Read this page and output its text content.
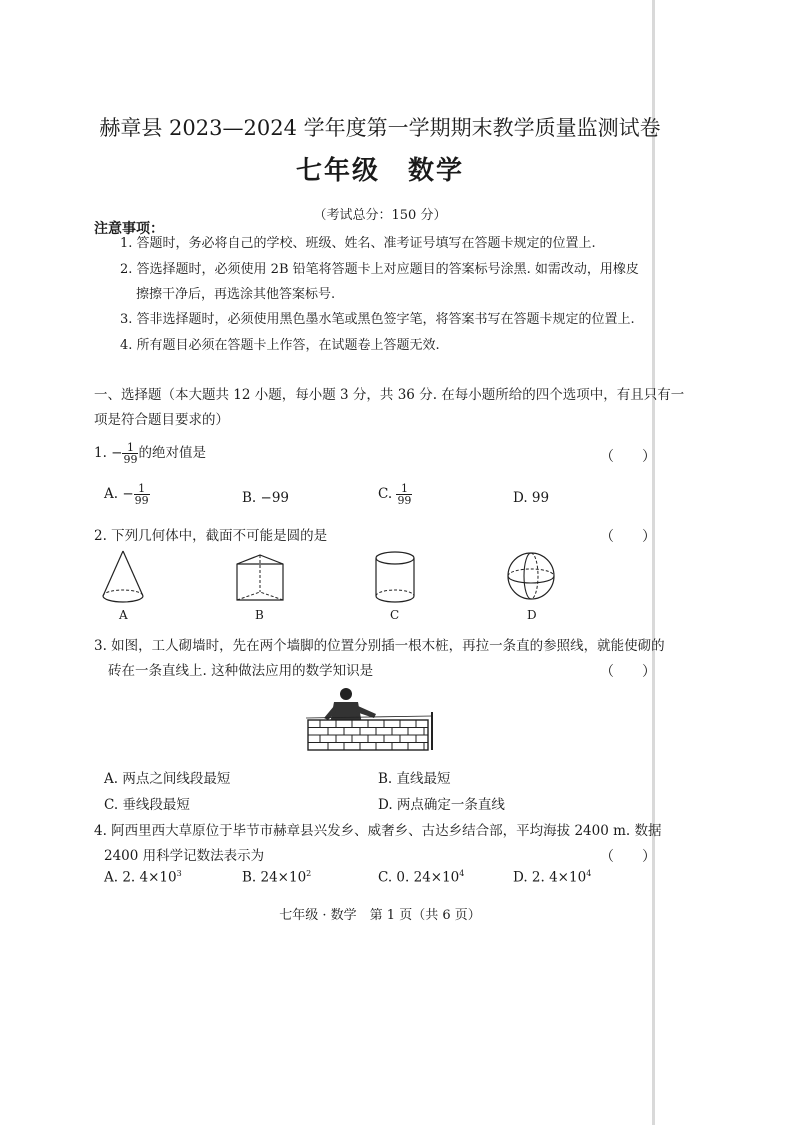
赫章县 2023—2024 学年度第一学期期末教学质量监测试卷
七年级　数学
（考试总分：150 分）
注意事项：
1. 答题时，务必将自己的学校、班级、姓名、准考证号填写在答题卡规定的位置上.
2. 答选择题时，必须使用 2B 铅笔将答题卡上对应题目的答案标号涂黑. 如需改动，用橡皮
擦擦干净后，再选涂其他答案标号.
3. 答非选择题时，必须使用黑色墨水笔或黑色签字笔，将答案书写在答题卡规定的位置上.
4. 所有题目必须在答题卡上作答，在试题卷上答题无效.
一、选择题（本大题共 12 小题，每小题 3 分，共 36 分. 在每小题所给的四个选项中，有且只有一
项是符合题目要求的）
1. − $\frac{1}{99}$ 的绝对值是	（　　）
A. − $\frac{1}{99}$	B. −99	C. $\frac{1}{99}$	D. 99
2. 下列几何体中，截面不可能是圆的是	（　　）
A	B	C	D
3. 如图，工人砌墙时，先在两个墙脚的位置分别插一根木桩，再拉一条直的参照线，就能使砌的
砖在一条直线上. 这种做法应用的数学知识是	（　　）
A. 两点之间线段最短	B. 直线最短
C. 垂线段最短	D. 两点确定一条直线
4. 阿西里西大草原位于毕节市赫章县兴发乡、威奢乡、古达乡结合部，平均海拔 2400 m. 数据
2400 用科学记数法表示为	（　　）
A. 2. $4\times 10^3$	B. $24\times 10^2$	C. 0. $24\times 10^4$	D. 2. $4\times 10^4$
七年级 · 数学　第 1 页（共 6 页）
